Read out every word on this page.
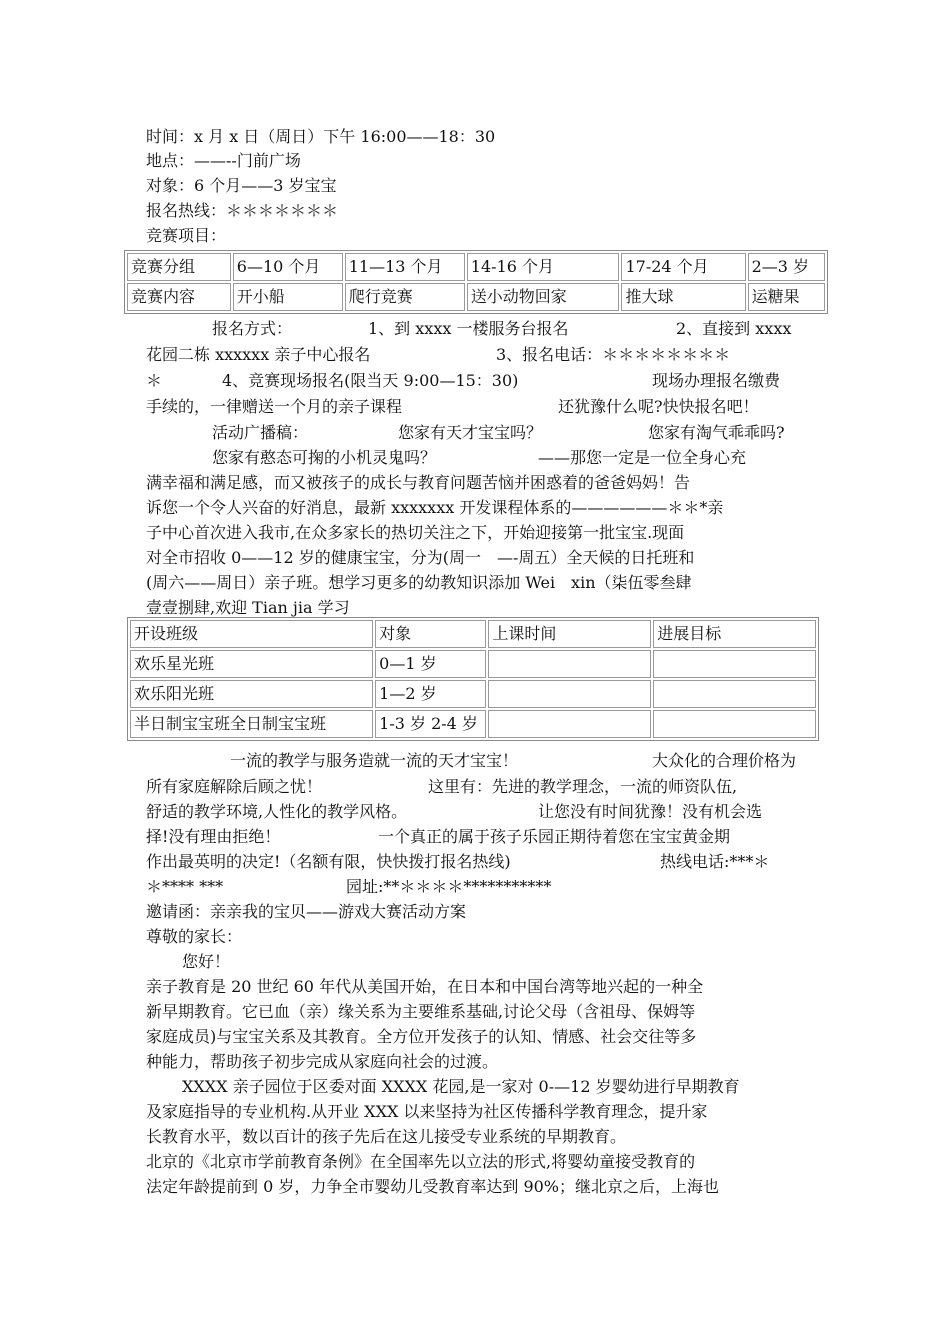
时间：x 月 x 日（周日）下午 16:00——18：30
地点：——--门前广场
对象：6 个月——3 岁宝宝
报名热线：＊＊＊＊＊＊＊
竞赛项目：
竞赛分组	6—10 个月	11—13 个月	14-16 个月	17-24 个月	2—3 岁
竞赛内容	开小船	爬行竞赛	送小动物回家	推大球	运糖果
报名方式：	1、到 xxxx 一楼服务台报名	2、直接到 xxxx
花园二栋 xxxxxx 亲子中心报名	3、报名电话：＊＊＊＊＊＊＊＊
＊	4、竞赛现场报名(限当天 9:00—15：30)	现场办理报名缴费
手续的，一律赠送一个月的亲子课程	还犹豫什么呢?快快报名吧！
活动广播稿：	您家有天才宝宝吗？	您家有淘气乖乖吗?
您家有憨态可掬的小机灵鬼吗？	——那您一定是一位全身心充
满幸福和满足感，而又被孩子的成长与教育问题苦恼并困惑着的爸爸妈妈！告
诉您一个令人兴奋的好消息，最新 xxxxxxx 开发课程体系的——————＊＊*亲
子中心首次进入我市,在众多家长的热切关注之下，开始迎接第一批宝宝.现面
对全市招收 0——12 岁的健康宝宝，分为(周一　—-周五）全天候的日托班和
(周六——周日）亲子班。想学习更多的幼教知识添加 Wei　xin（柒伍零叁肆
壹壹捌肆,欢迎 Tian jia 学习
开设班级	对象	上课时间	进展目标
欢乐星光班	0—1 岁		
欢乐阳光班	1—2 岁		
半日制宝宝班全日制宝宝班	1-3 岁 2-4 岁		
一流的教学与服务造就一流的天才宝宝！	大众化的合理价格为
所有家庭解除后顾之忧！	这里有：先进的教学理念，一流的师资队伍,
舒适的教学环境,人性化的教学风格。	让您没有时间犹豫！没有机会选
择!没有理由拒绝！	一个真正的属于孩子乐园正期待着您在宝宝黄金期
作出最英明的决定!（名额有限，快快拨打报名热线)	热线电话:***＊
＊**** ***	园址:**＊＊＊＊***********
邀请函：亲亲我的宝贝——游戏大赛活动方案
尊敬的家长：
您好！
亲子教育是 20 世纪 60 年代从美国开始，在日本和中国台湾等地兴起的一种全
新早期教育。它已血（亲）缘关系为主要维系基础,讨论父母（含祖母、保姆等
家庭成员)与宝宝关系及其教育。全方位开发孩子的认知、情感、社会交往等多
种能力，帮助孩子初步完成从家庭向社会的过渡。
XXXX 亲子园位于区委对面 XXXX 花园,是一家对 0-—12 岁婴幼进行早期教育
及家庭指导的专业机构.从开业 XXX 以来坚持为社区传播科学教育理念，提升家
长教育水平，数以百计的孩子先后在这儿接受专业系统的早期教育。
北京的《北京市学前教育条例》在全国率先以立法的形式,将婴幼童接受教育的
法定年龄提前到 0 岁，力争全市婴幼儿受教育率达到 90%；继北京之后，上海也
